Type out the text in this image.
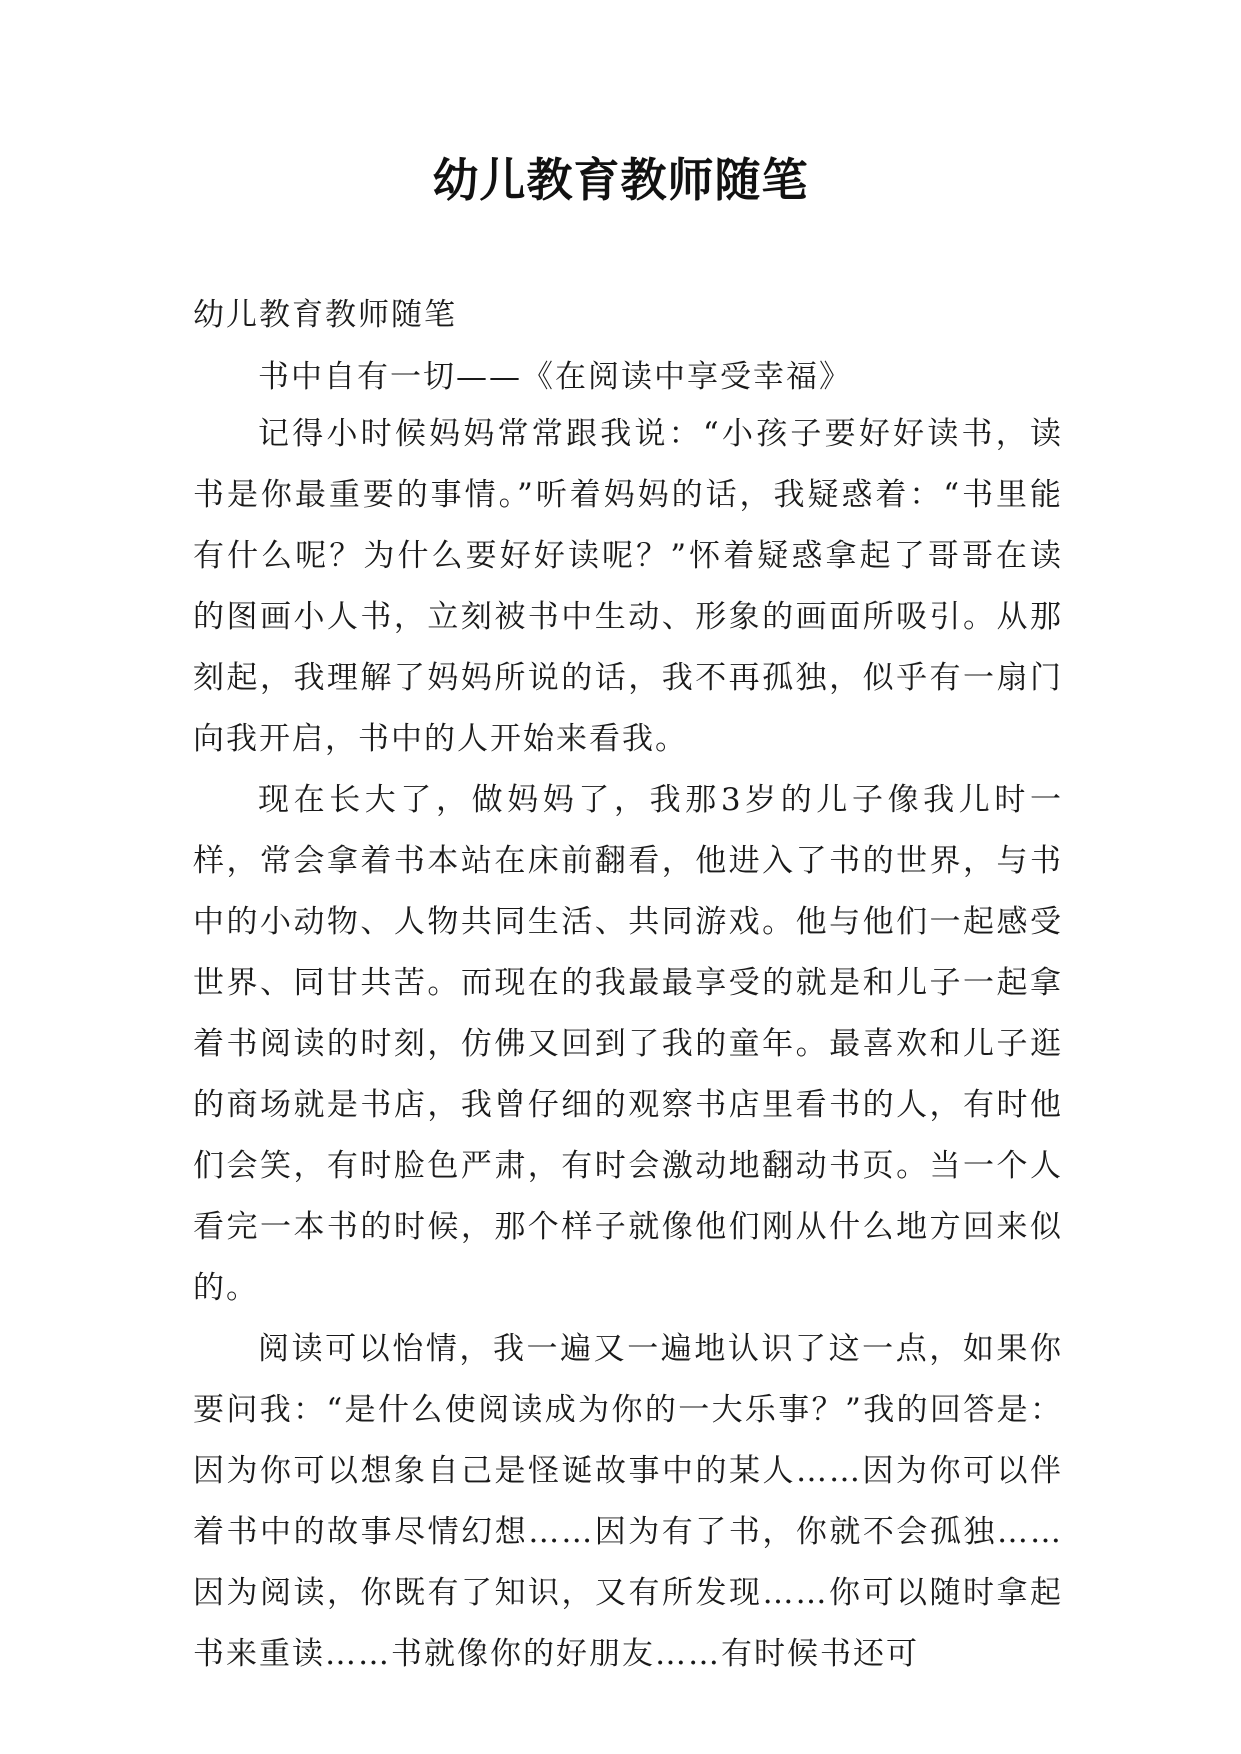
幼儿教育教师随笔

幼儿教育教师随笔

书中自有一切——《在阅读中享受幸福》

记得小时候妈妈常常跟我说：“小孩子要好好读书，读书是你最重要的事情。”听着妈妈的话，我疑惑着：“书里能有什么呢？为什么要好好读呢？”怀着疑惑拿起了哥哥在读的图画小人书，立刻被书中生动、形象的画面所吸引。从那刻起，我理解了妈妈所说的话，我不再孤独，似乎有一扇门向我开启，书中的人开始来看我。

现在长大了，做妈妈了，我那3岁的儿子像我儿时一样，常会拿着书本站在床前翻看，他进入了书的世界，与书中的小动物、人物共同生活、共同游戏。他与他们一起感受世界、同甘共苦。而现在的我最最享受的就是和儿子一起拿着书阅读的时刻，仿佛又回到了我的童年。最喜欢和儿子逛的商场就是书店，我曾仔细的观察书店里看书的人，有时他们会笑，有时脸色严肃，有时会激动地翻动书页。当一个人看完一本书的时候，那个样子就像他们刚从什么地方回来似的。

阅读可以怡情，我一遍又一遍地认识了这一点，如果你要问我：“是什么使阅读成为你的一大乐事？”我的回答是：因为你可以想象自己是怪诞故事中的某人……因为你可以伴着书中的故事尽情幻想……因为有了书，你就不会孤独……因为阅读，你既有了知识，又有所发现……你可以随时拿起书来重读……书就像你的好朋友……有时候书还可
